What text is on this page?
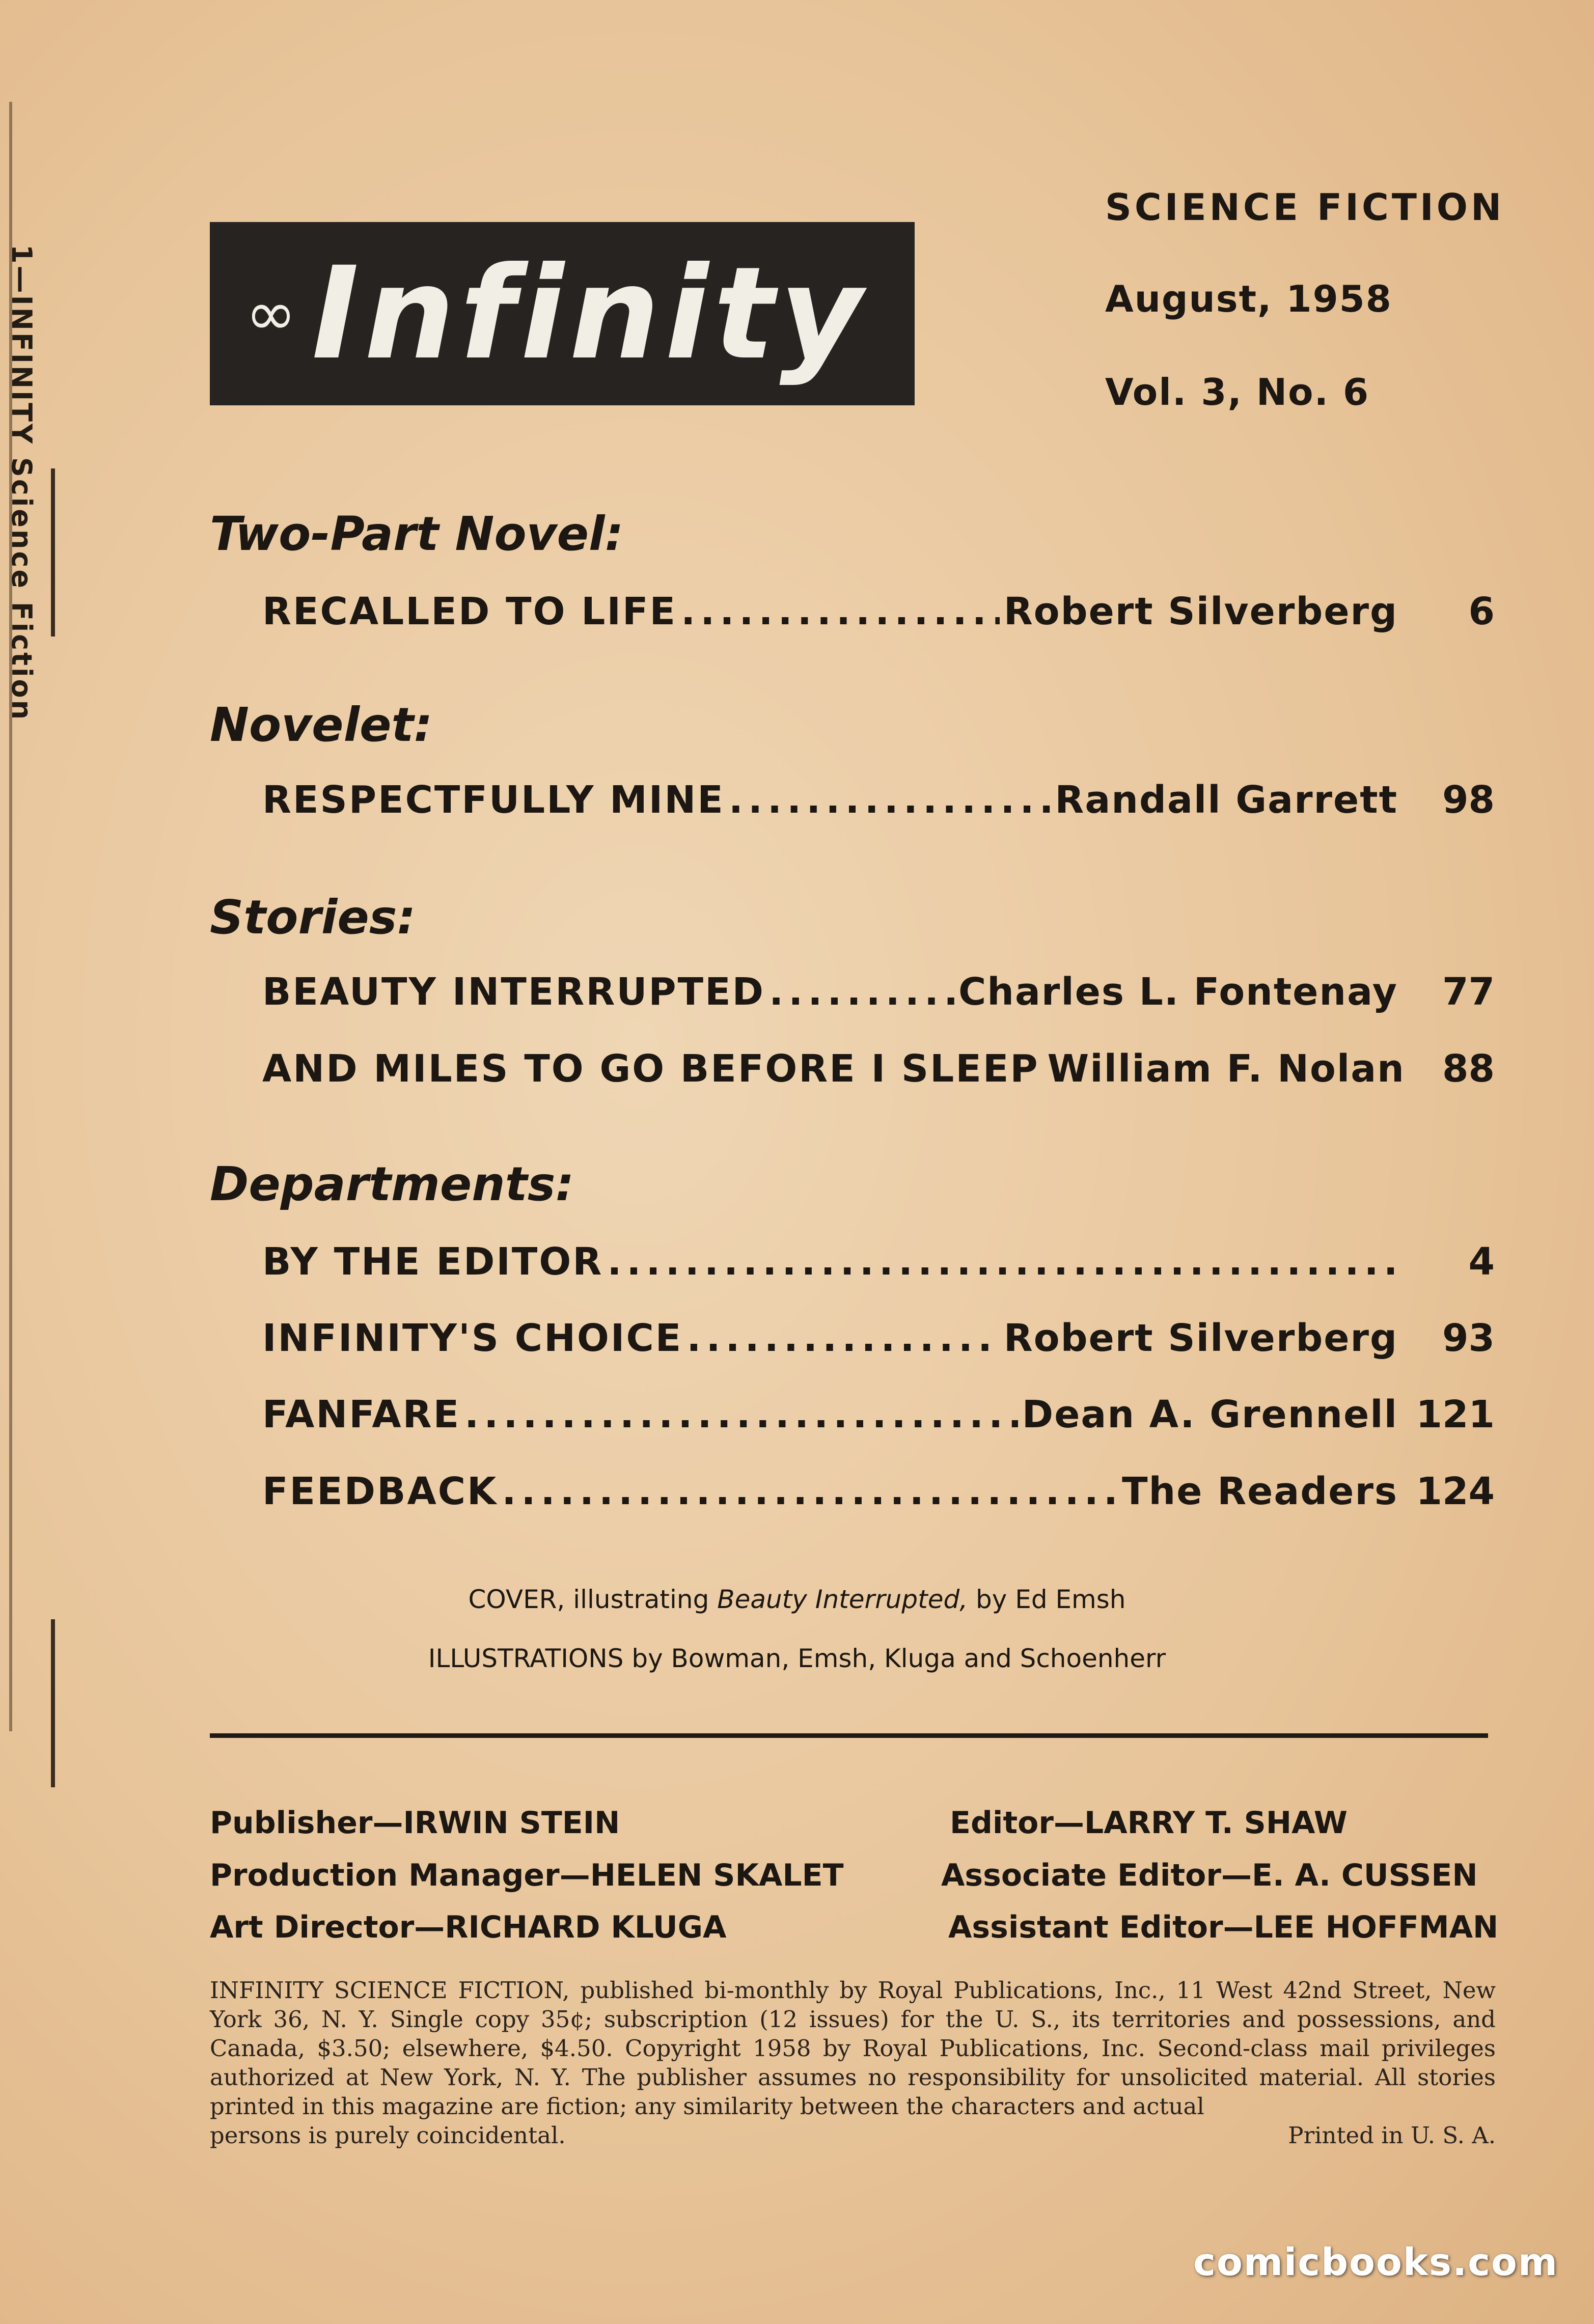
1—INFINITY Science Fiction	∞ Infinity
SCIENCE FICTION
August, 1958
Vol. 3, No. 6
Two-Part Novel:
RECALLED TO LIFE .....	Robert Silverberg	6
Novelet:
RESPECTFULLY MINE .....	Randall Garrett	98
Stories:
BEAUTY INTERRUPTED .....	Charles L. Fontenay	77
AND MILES TO GO BEFORE I SLEEP William F. Nolan 88
Departments:
BY THE EDITOR .....	4
INFINITY'S CHOICE .....	Robert Silverberg	93
FANFARE .....	Dean A. Grennell 121
FEEDBACK .....	The Readers 124
COVER, illustrating Beauty Interrupted, by Ed Emsh
ILLUSTRATIONS by Bowman, Emsh, Kluga and Schoenherr
Publisher—IRWIN STEIN
Production Manager—HELEN SKALET
Art Director—RICHARD KLUGA
Editor—LARRY T. SHAW
Associate Editor—E. A. CUSSEN
Assistant Editor—LEE HOFFMAN
INFINITY SCIENCE FICTION, published bi-monthly by Royal Publications, Inc., 11 West 42nd Street, New York 36, N. Y. Single copy 35¢; subscription (12 issues) for the U. S., its territories and possessions, and Canada, $3.50; elsewhere, $4.50. Copyright 1958 by Royal Publications, Inc. Second-class mail privileges authorized at New York, N. Y. The publisher assumes no responsibility for unsolicited material. All stories printed in this magazine are fiction; any similarity between the characters and actual
persons is purely coincidental.	Printed in U. S. A.
comicbooks.com
